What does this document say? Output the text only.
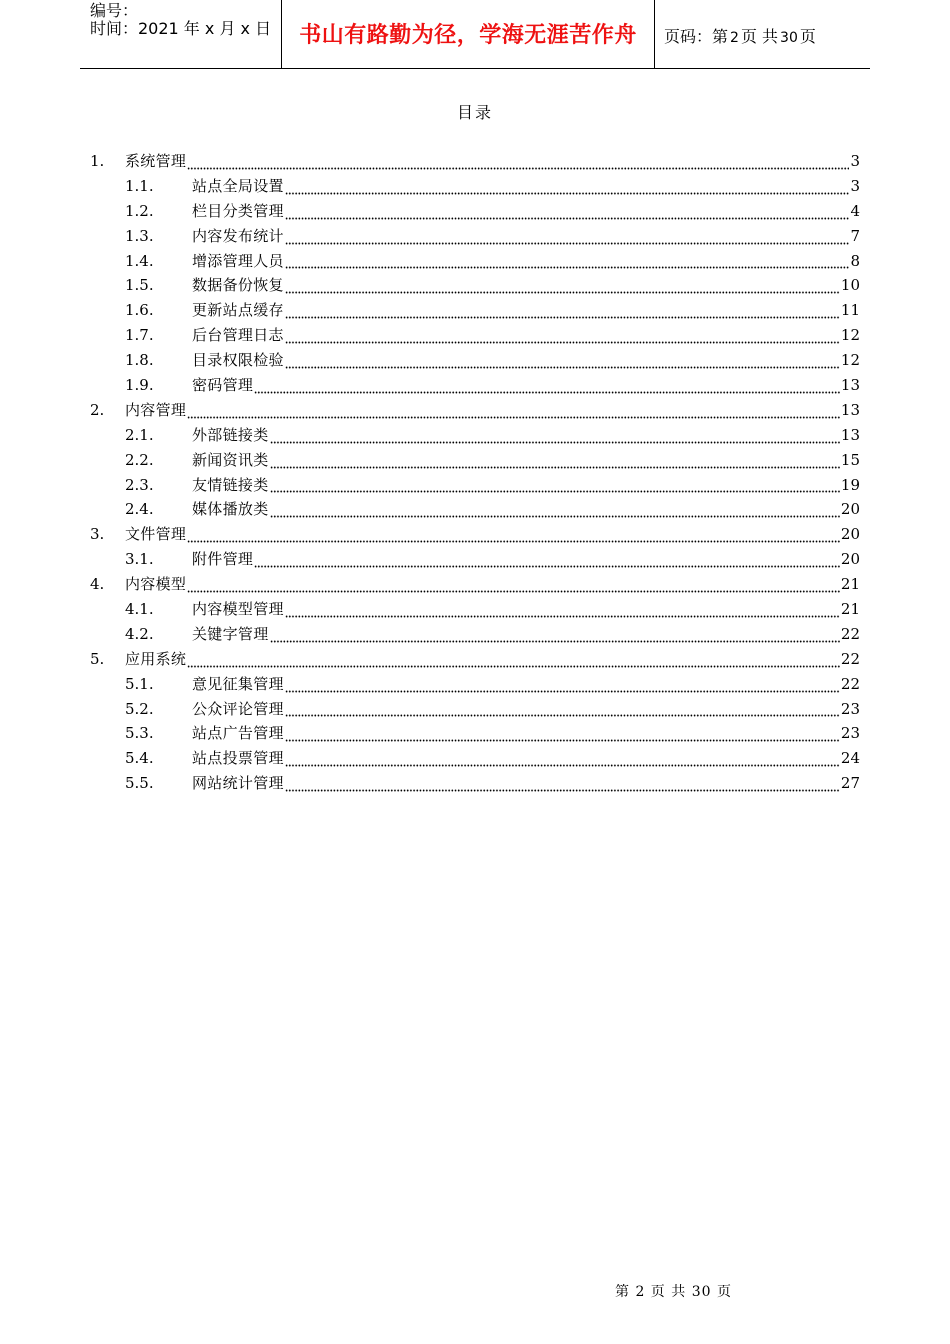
编号：
时间：2021 年 x 月 x 日	书山有路勤为径，学海无涯苦作舟	页码：第 2 页 共 30 页
目录
1.	系统管理	3
1.1.	站点全局设置	3
1.2.	栏目分类管理	4
1.3.	内容发布统计	7
1.4.	增添管理人员	8
1.5.	数据备份恢复	10
1.6.	更新站点缓存	11
1.7.	后台管理日志	12
1.8.	目录权限检验	12
1.9.	密码管理	13
2.	内容管理	13
2.1.	外部链接类	13
2.2.	新闻资讯类	15
2.3.	友情链接类	19
2.4.	媒体播放类	20
3.	文件管理	20
3.1.	附件管理	20
4.	内容模型	21
4.1.	内容模型管理	21
4.2.	关键字管理	22
5.	应用系统	22
5.1.	意见征集管理	22
5.2.	公众评论管理	23
5.3.	站点广告管理	23
5.4.	站点投票管理	24
5.5.	网站统计管理	27
第 2 页 共 30 页
